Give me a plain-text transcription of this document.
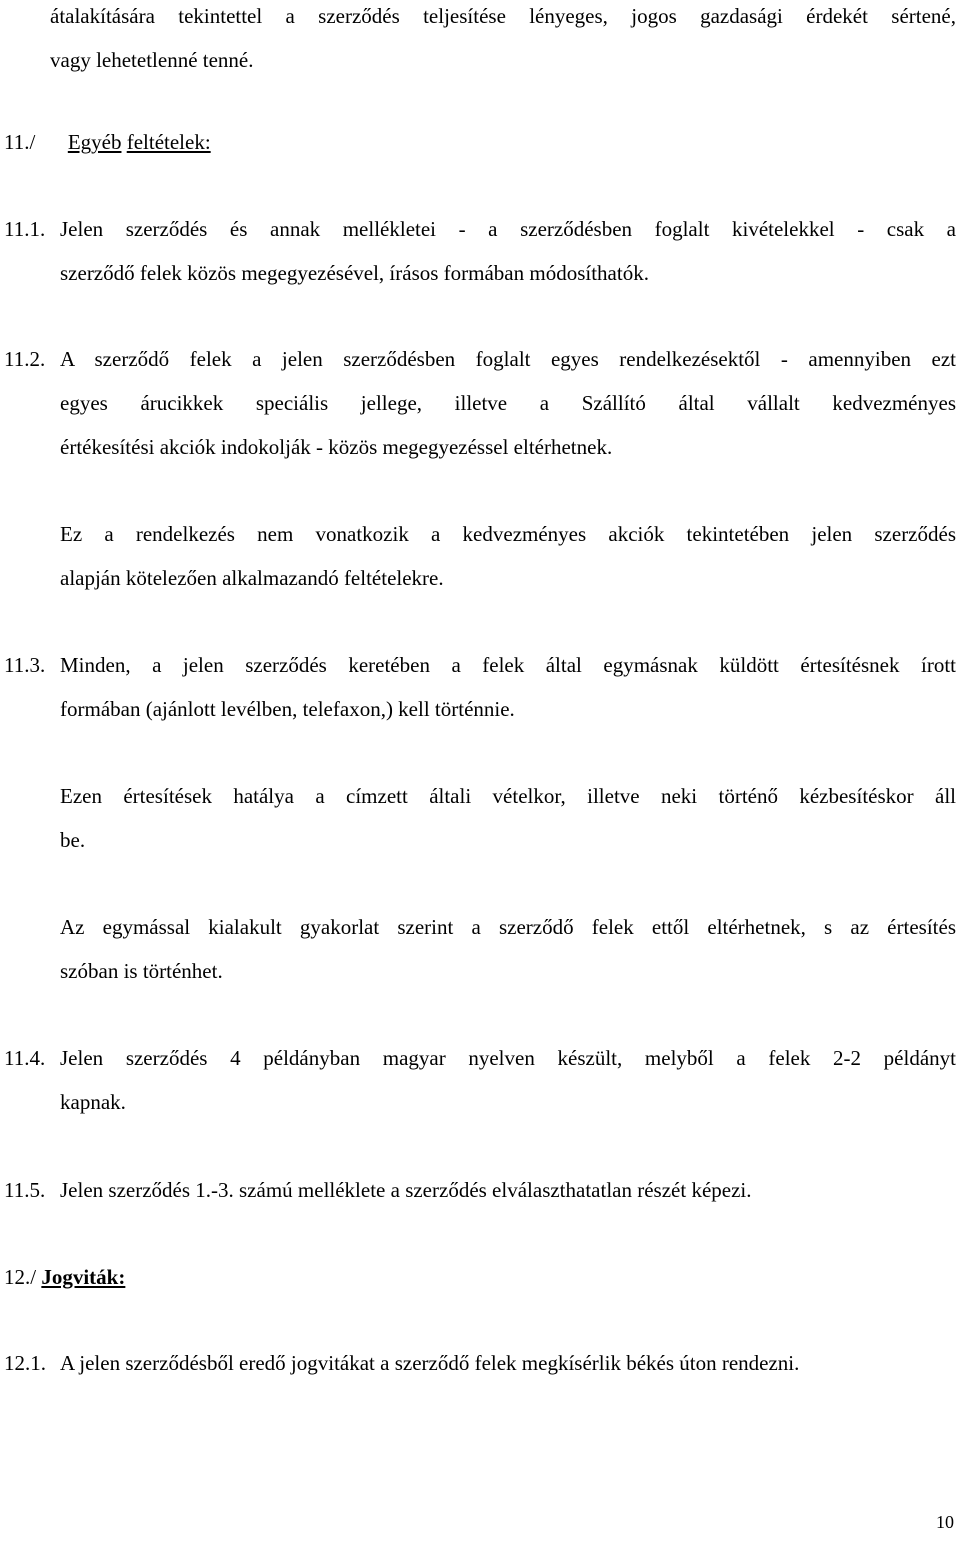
átalakítására tekintettel a szerződés teljesítése lényeges, jogos gazdasági érdekét sértené,
vagy lehetetlenné tenné.
11./ Egyéb feltételek:
11.1. Jelen szerződés és annak mellékletei - a szerződésben foglalt kivételekkel - csak a
szerződő felek közös megegyezésével, írásos formában módosíthatók.
11.2. A szerződő felek a jelen szerződésben foglalt egyes rendelkezésektől - amennyiben ezt
egyes árucikkek speciális jellege, illetve a Szállító által vállalt kedvezményes
értékesítési akciók indokolják - közös megegyezéssel eltérhetnek.
Ez a rendelkezés nem vonatkozik a kedvezményes akciók tekintetében jelen szerződés
alapján kötelezően alkalmazandó feltételekre.
11.3. Minden, a jelen szerződés keretében a felek által egymásnak küldött értesítésnek írott
formában (ajánlott levélben, telefaxon,) kell történnie.
Ezen értesítések hatálya a címzett általi vételkor, illetve neki történő kézbesítéskor áll
be.
Az egymással kialakult gyakorlat szerint a szerződő felek ettől eltérhetnek, s az értesítés
szóban is történhet.
11.4. Jelen szerződés 4 példányban magyar nyelven készült, melyből a felek 2-2 példányt
kapnak.
11.5. Jelen szerződés 1.-3. számú melléklete a szerződés elválaszthatatlan részét képezi.
12./ Jogviták:
12.1. A jelen szerződésből eredő jogvitákat a szerződő felek megkísérlik békés úton rendezni.
10
